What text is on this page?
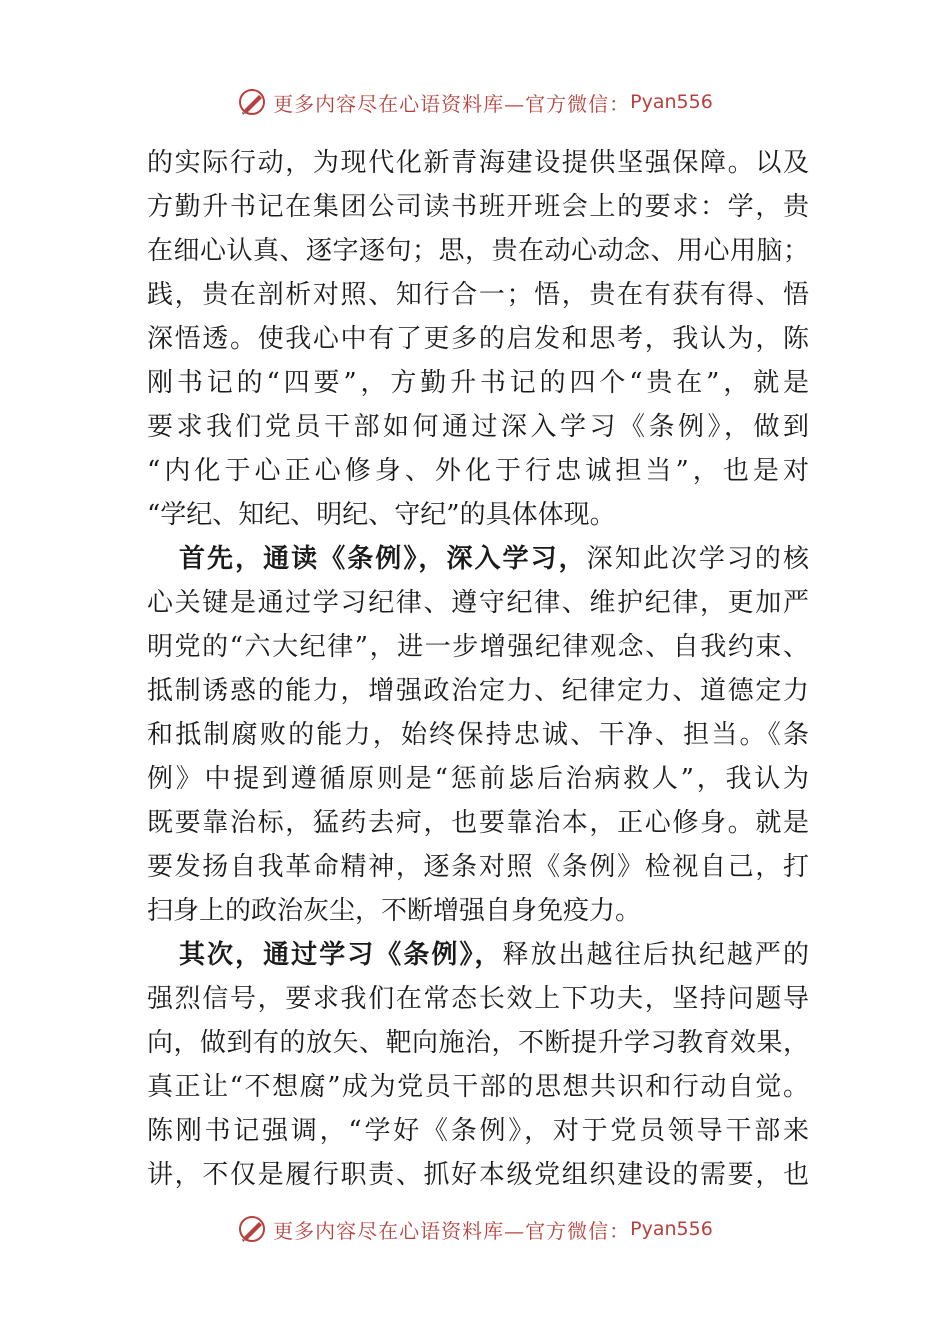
更多内容尽在心语资料库—官方微信： Pyan556
的实际行动，为现代化新青海建设提供坚强保障。以及
方勤升书记在集团公司读书班开班会上的要求：学，贵
在细心认真、逐字逐句；思，贵在动心动念、用心用脑；
践，贵在剖析对照、知行合一；悟，贵在有获有得、悟
深悟透。使我心中有了更多的启发和思考，我认为，陈
刚书记的“四要”，方勤升书记的四个“贵在”，就是
要求我们党员干部如何通过深入学习《条例》，做到
“内化于心正心修身、外化于行忠诚担当”，也是对
“学纪、知纪、明纪、守纪”的具体体现。
首先，通读《条例》，深入学习，深知此次学习的核
心关键是通过学习纪律、遵守纪律、维护纪律，更加严
明党的“六大纪律”，进一步增强纪律观念、自我约束、
抵制诱惑的能力，增强政治定力、纪律定力、道德定力
和抵制腐败的能力，始终保持忠诚、干净、担当。《条
例》中提到遵循原则是“惩前毖后治病救人”，我认为
既要靠治标，猛药去疴，也要靠治本，正心修身。就是
要发扬自我革命精神，逐条对照《条例》检视自己，打
扫身上的政治灰尘，不断增强自身免疫力。
其次，通过学习《条例》，释放出越往后执纪越严的
强烈信号，要求我们在常态长效上下功夫，坚持问题导
向，做到有的放矢、靶向施治，不断提升学习教育效果，
真正让“不想腐”成为党员干部的思想共识和行动自觉。
陈刚书记强调，“学好《条例》，对于党员领导干部来
讲，不仅是履行职责、抓好本级党组织建设的需要，也
更多内容尽在心语资料库—官方微信： Pyan556
